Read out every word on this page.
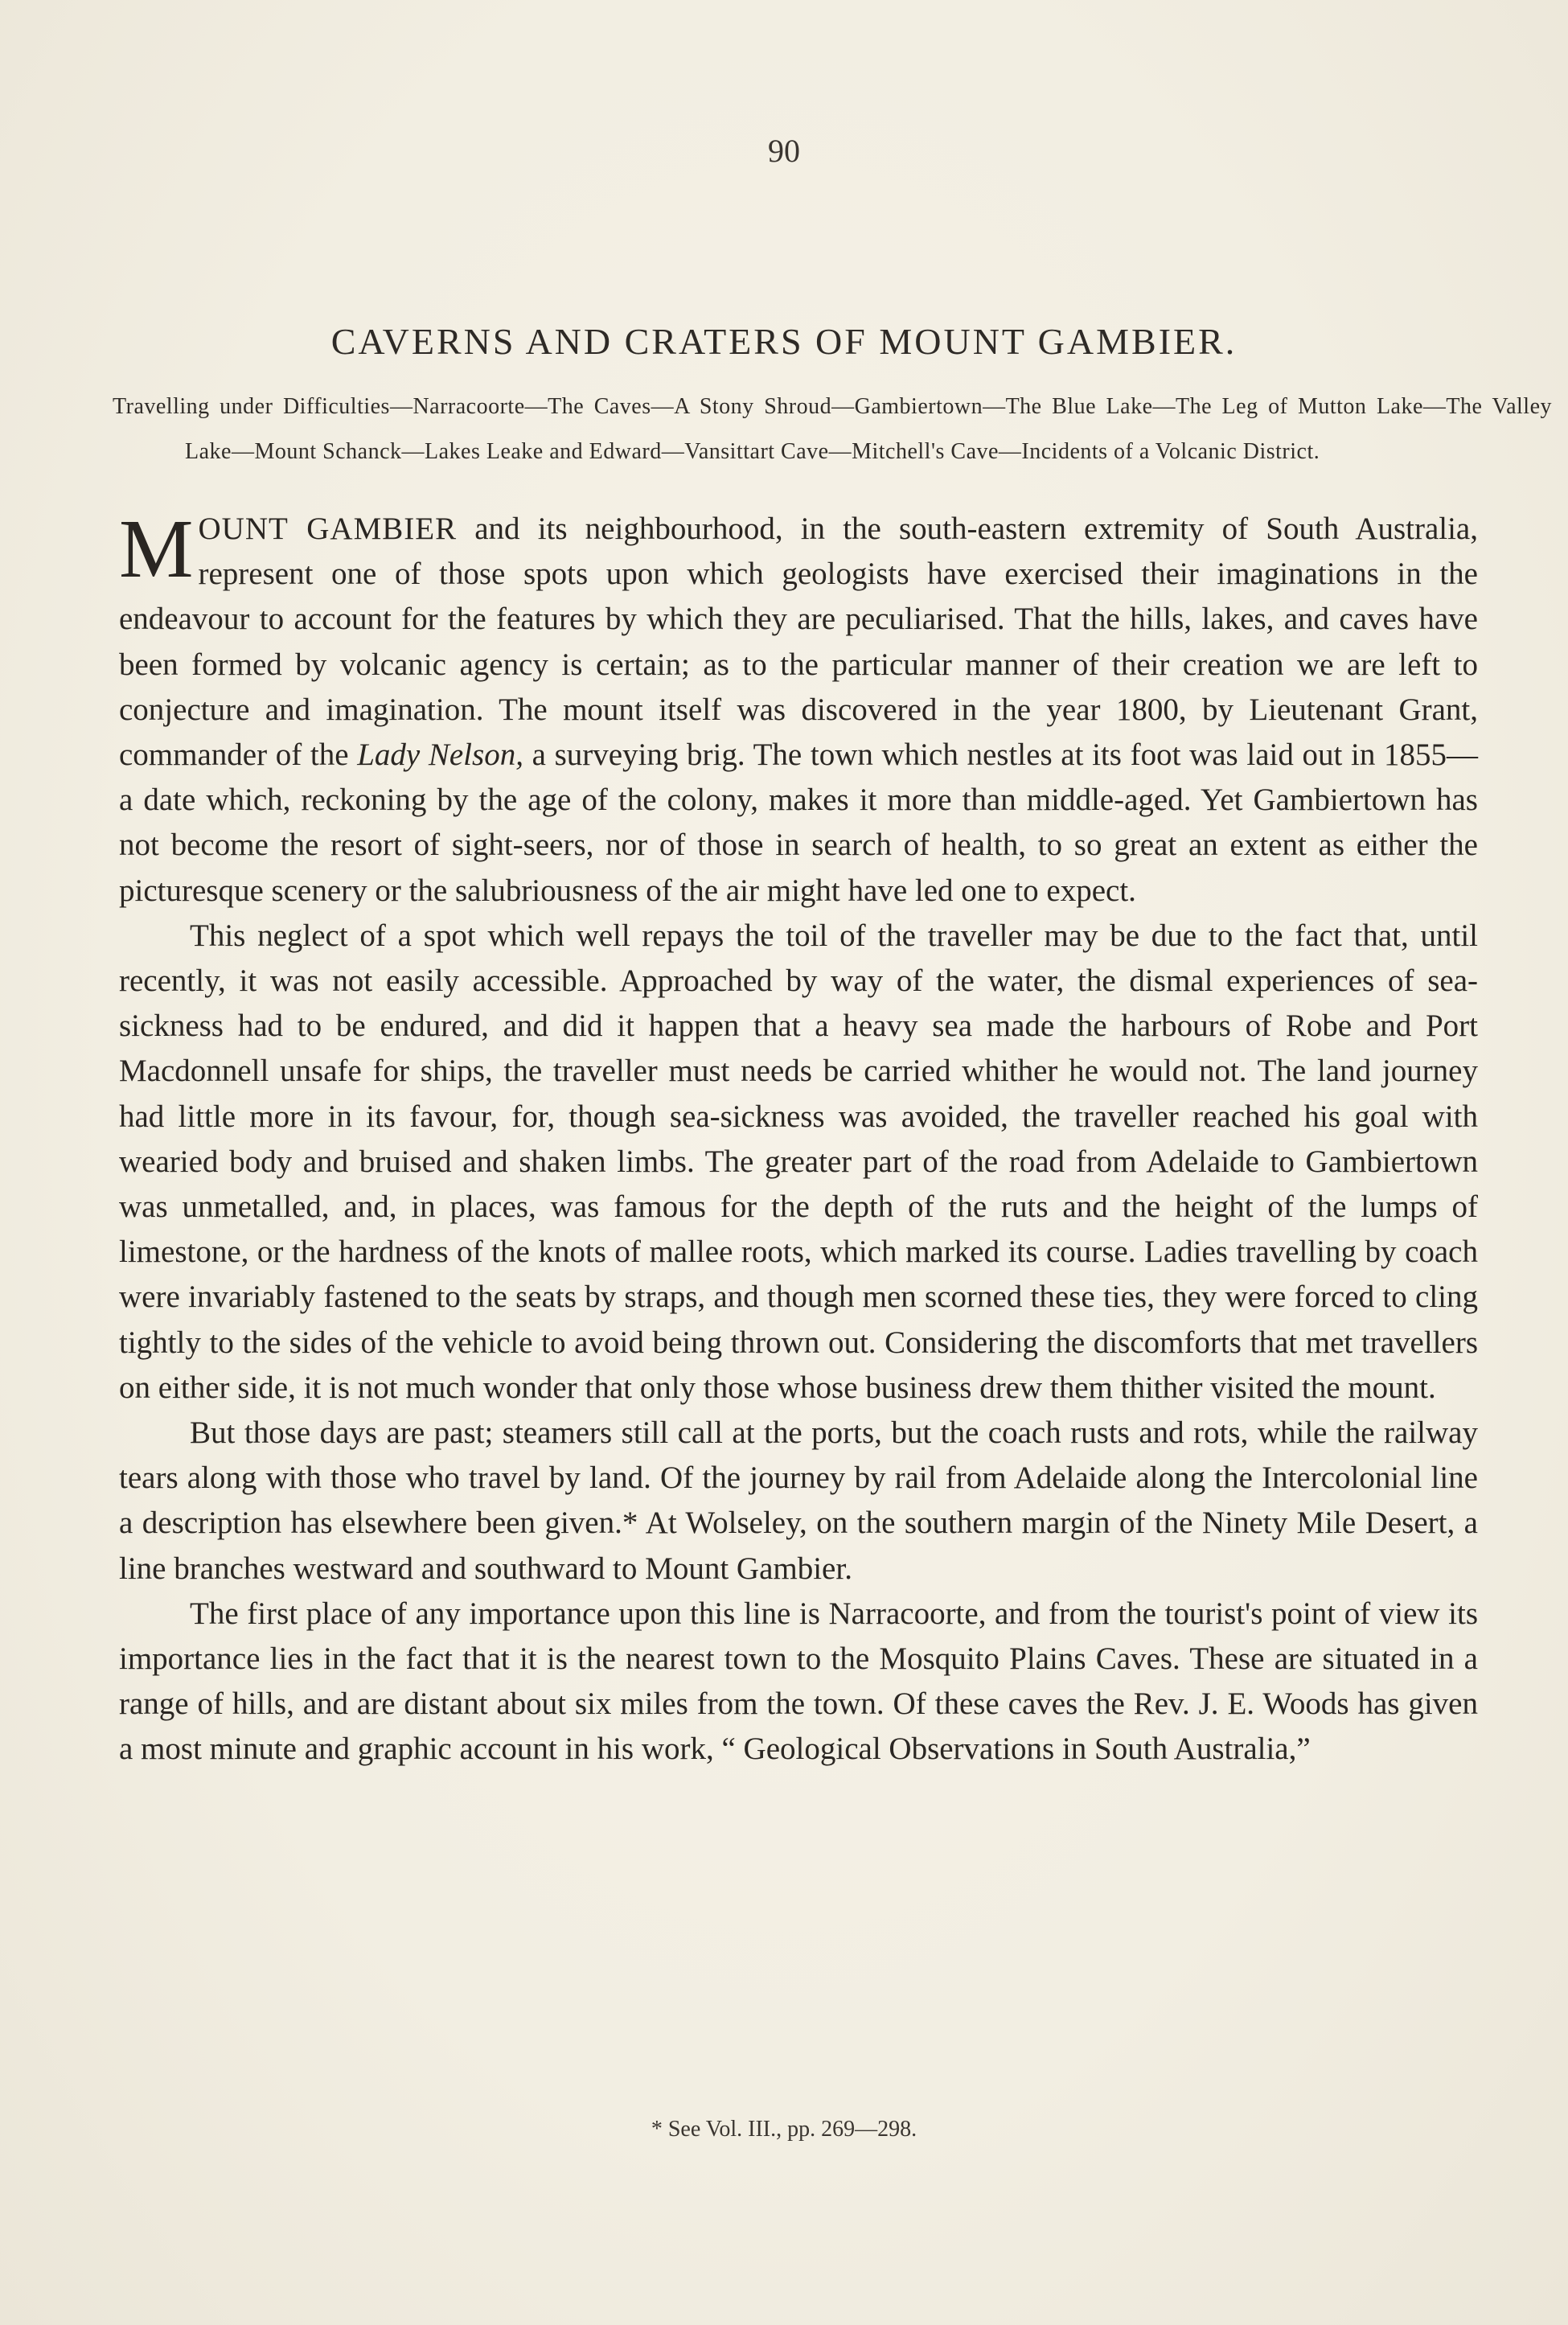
90
CAVERNS AND CRATERS OF MOUNT GAMBIER.
Travelling under Difficulties—Narracoorte—The Caves—A Stony Shroud—Gambiertown—The Blue Lake—The Leg of Mutton Lake—The Valley Lake—Mount Schanck—Lakes Leake and Edward—Vansittart Cave—Mitchell's Cave—Incidents of a Volcanic District.

MOUNT GAMBIER and its neighbourhood, in the south-eastern extremity of South Australia, represent one of those spots upon which geologists have exercised their imaginations in the endeavour to account for the features by which they are peculiarised. That the hills, lakes, and caves have been formed by volcanic agency is certain; as to the particular manner of their creation we are left to conjecture and imagination. The mount itself was discovered in the year 1800, by Lieutenant Grant, commander of the Lady Nelson, a surveying brig. The town which nestles at its foot was laid out in 1855—a date which, reckoning by the age of the colony, makes it more than middle-aged. Yet Gambiertown has not become the resort of sight-seers, nor of those in search of health, to so great an extent as either the picturesque scenery or the salubriousness of the air might have led one to expect.

This neglect of a spot which well repays the toil of the traveller may be due to the fact that, until recently, it was not easily accessible. Approached by way of the water, the dismal experiences of sea-sickness had to be endured, and did it happen that a heavy sea made the harbours of Robe and Port Macdonnell unsafe for ships, the traveller must needs be carried whither he would not. The land journey had little more in its favour, for, though sea-sickness was avoided, the traveller reached his goal with wearied body and bruised and shaken limbs. The greater part of the road from Adelaide to Gambiertown was unmetalled, and, in places, was famous for the depth of the ruts and the height of the lumps of limestone, or the hardness of the knots of mallee roots, which marked its course. Ladies travelling by coach were invariably fastened to the seats by straps, and though men scorned these ties, they were forced to cling tightly to the sides of the vehicle to avoid being thrown out. Considering the discomforts that met travellers on either side, it is not much wonder that only those whose business drew them thither visited the mount.

But those days are past; steamers still call at the ports, but the coach rusts and rots, while the railway tears along with those who travel by land. Of the journey by rail from Adelaide along the Intercolonial line a description has elsewhere been given.* At Wolseley, on the southern margin of the Ninety Mile Desert, a line branches westward and southward to Mount Gambier.

The first place of any importance upon this line is Narracoorte, and from the tourist's point of view its importance lies in the fact that it is the nearest town to the Mosquito Plains Caves. These are situated in a range of hills, and are distant about six miles from the town. Of these caves the Rev. J. E. Woods has given a most minute and graphic account in his work, “ Geological Observations in South Australia,”

* See Vol. III., pp. 269—298.
